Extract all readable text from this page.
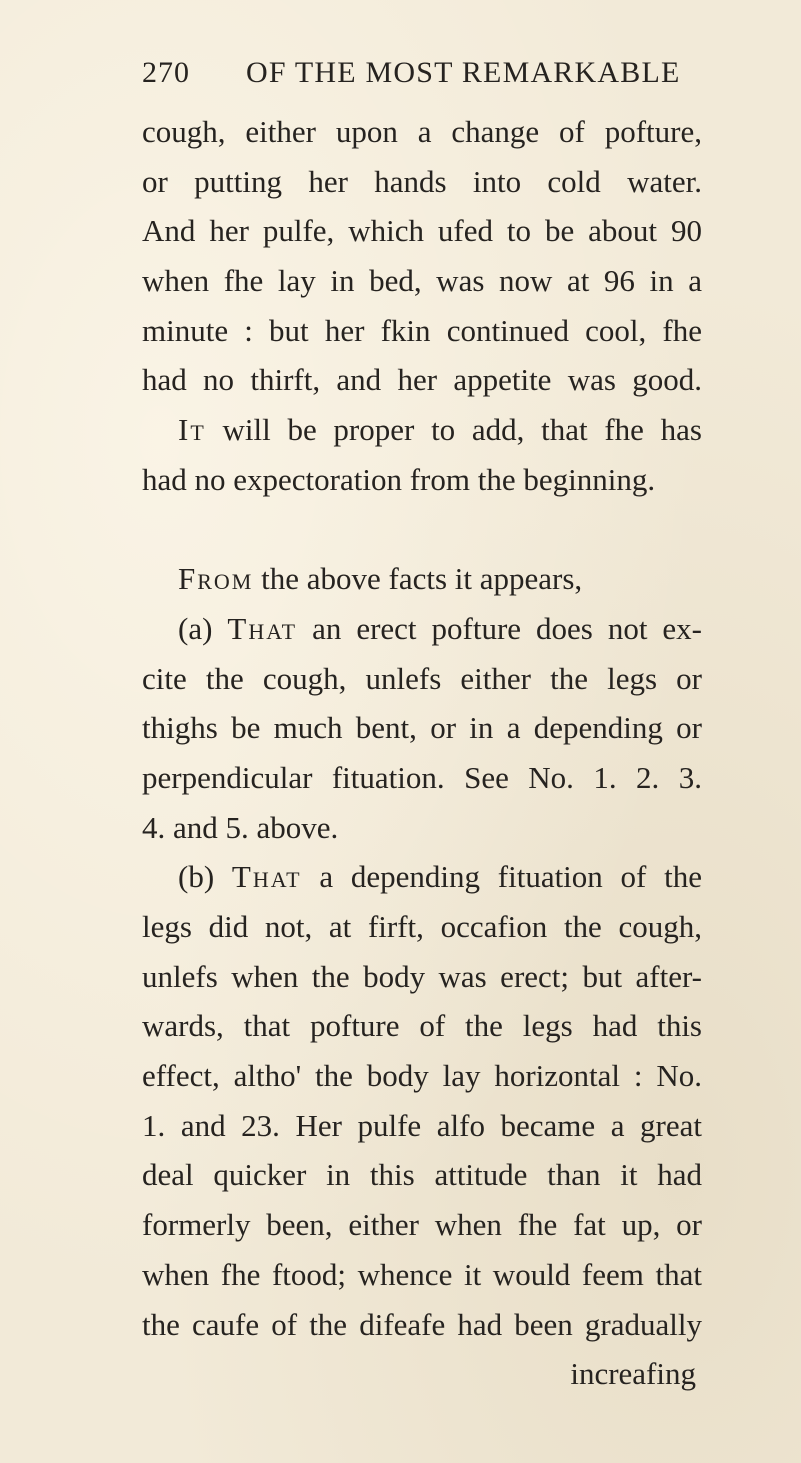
270 OF THE MOST REMARKABLE
cough, either upon a change of pofture,
or putting her hands into cold water.
And her pulfe, which ufed to be about 90
when fhe lay in bed, was now at 96 in a
minute : but her fkin continued cool, fhe
had no thirft, and her appetite was good.
It will be proper to add, that fhe has
had no expectoration from the beginning.
From the above facts it appears,
(a) That an erect pofture does not ex-
cite the cough, unlefs either the legs or
thighs be much bent, or in a depending or
perpendicular fituation. See No. 1. 2. 3.
4. and 5. above.
(b) That a depending fituation of the
legs did not, at firft, occafion the cough,
unlefs when the body was erect; but after-
wards, that pofture of the legs had this
effect, altho' the body lay horizontal : No.
1. and 23. Her pulfe alfo became a great
deal quicker in this attitude than it had
formerly been, either when fhe fat up, or
when fhe ftood; whence it would feem that
the caufe of the difeafe had been gradually
increafing
